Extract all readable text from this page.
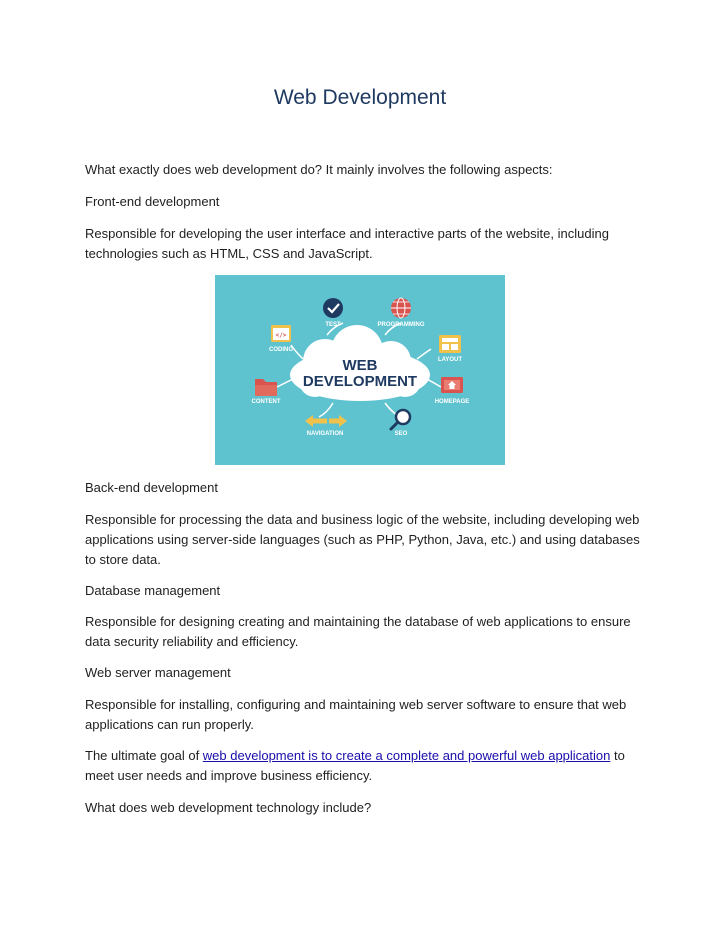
Web Development

What exactly does web development do? It mainly involves the following aspects:

Front-end development

Responsible for developing the user interface and interactive parts of the website, including technologies such as HTML, CSS and JavaScript.

WEB
DEVELOPMENT
TEST	PROGRAMMING
</>
CODING
LAYOUT
CONTENT	HOMEPAGE
NAVIGATION	SEO

Back-end development

Responsible for processing the data and business logic of the website, including developing web applications using server-side languages (such as PHP, Python, Java, etc.) and using databases to store data.

Database management

Responsible for designing creating and maintaining the database of web applications to ensure data security reliability and efficiency.

Web server management

Responsible for installing, configuring and maintaining web server software to ensure that web applications can run properly.

The ultimate goal of web development is to create a complete and powerful web application to meet user needs and improve business efficiency.

What does web development technology include?
